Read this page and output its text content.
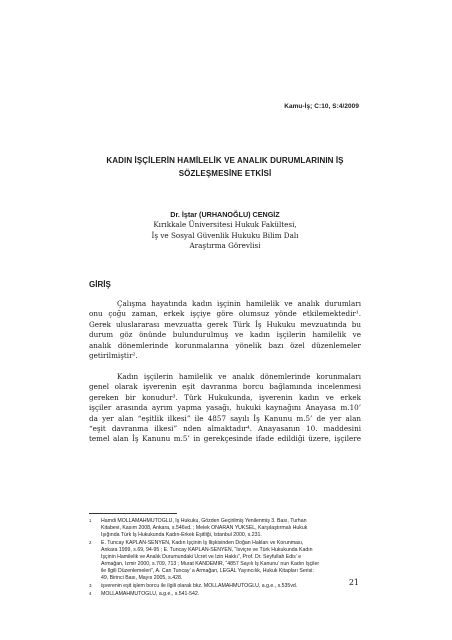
Kamu-İş; C:10, S:4/2009
KADIN İŞÇİLERİN HAMİLELİK VE ANALIK DURUMLARININ İŞ
SÖZLEŞMESİNE ETKİSİ
Dr. İştar (URHANOĞLU) CENGİZ
Kırıkkale Üniversitesi Hukuk Fakültesi,
İş ve Sosyal Güvenlik Hukuku Bilim Dalı
Araştırma Görevlisi
GİRİŞ
Çalışma hayatında kadın işçinin hamilelik ve analık durumları
onu çoğu zaman, erkek işçiye göre olumsuz yönde etkilemektedir¹.
Gerek uluslararası mevzuatta gerek Türk İş Hukuku mevzuatında bu
durum göz önünde bulundurulmuş ve kadın işçilerin hamilelik ve
analık dönemlerinde korunmalarına yönelik bazı özel düzenlemeler
getirilmiştir².
Kadın işçilerin hamilelik ve analık dönemlerinde korunmaları
genel olarak işverenin eşit davranma borcu bağlamında incelenmesi
gereken bir konudur³. Türk Hukukunda, işverenin kadın ve erkek
işçiler arasında ayrım yapma yasağı, hukuki kaynağını Anayasa m.10’
da yer alan “eşitlik ilkesi” ile 4857 sayılı İş Kanunu m.5’ de yer alan
“eşit davranma ilkesi” nden almaktadır⁴. Anayasanın 10. maddesini
temel alan İş Kanunu m.5’ in gerekçesinde ifade edildiği üzere, işçilere
1 Hamdi MOLLAMAHMUTOĞLU, İş Hukuku, Gözden Geçirilmiş Yenilenmiş 3. Bası, Turhan
Kitabevi, Kasım 2008, Ankara, s.546vd. ; Melek ONARAN YÜKSEL, Karşılaştırmalı Hukuk
Işığında Türk İş Hukukunda Kadın-Erkek Eşitliği, İstanbul 2000, s.231.
2 E. Tuncay KAPLAN-SENYEN, Kadın İşçinin İş İlişkisinden Doğan Hakları ve Korunması,
Ankara 1999, s.69, 94-95 ; E. Tuncay KAPLAN-SENYEN, “İsviçre ve Türk Hukukunda Kadın
İşçinin Hamilelik ve Analık Durumundaki Ücret ve İzin Hakkı”, Prof. Dr. Seyfullah Edis’ e
Armağan, İzmir 2000, s.709, 713 ; Murat KANDEMİR, “4857 Sayılı İş Kanunu’ nun Kadın İşçiler
ile İlgili Düzenlemeleri”, A. Can Tuncay’ a Armağan, LEGAL Yayıncılık, Hukuk Kitapları Serisi:
49, Birinci Bası, Mayıs 2005, s.428.
3 işverenin eşit işlem borcu ile ilgili olarak bkz. MOLLAMAHMUTOĞLU, a.g.e., s.535vd.
4 MOLLAMAHMUTOĞLU, a.g.e., s.541-542.
21
